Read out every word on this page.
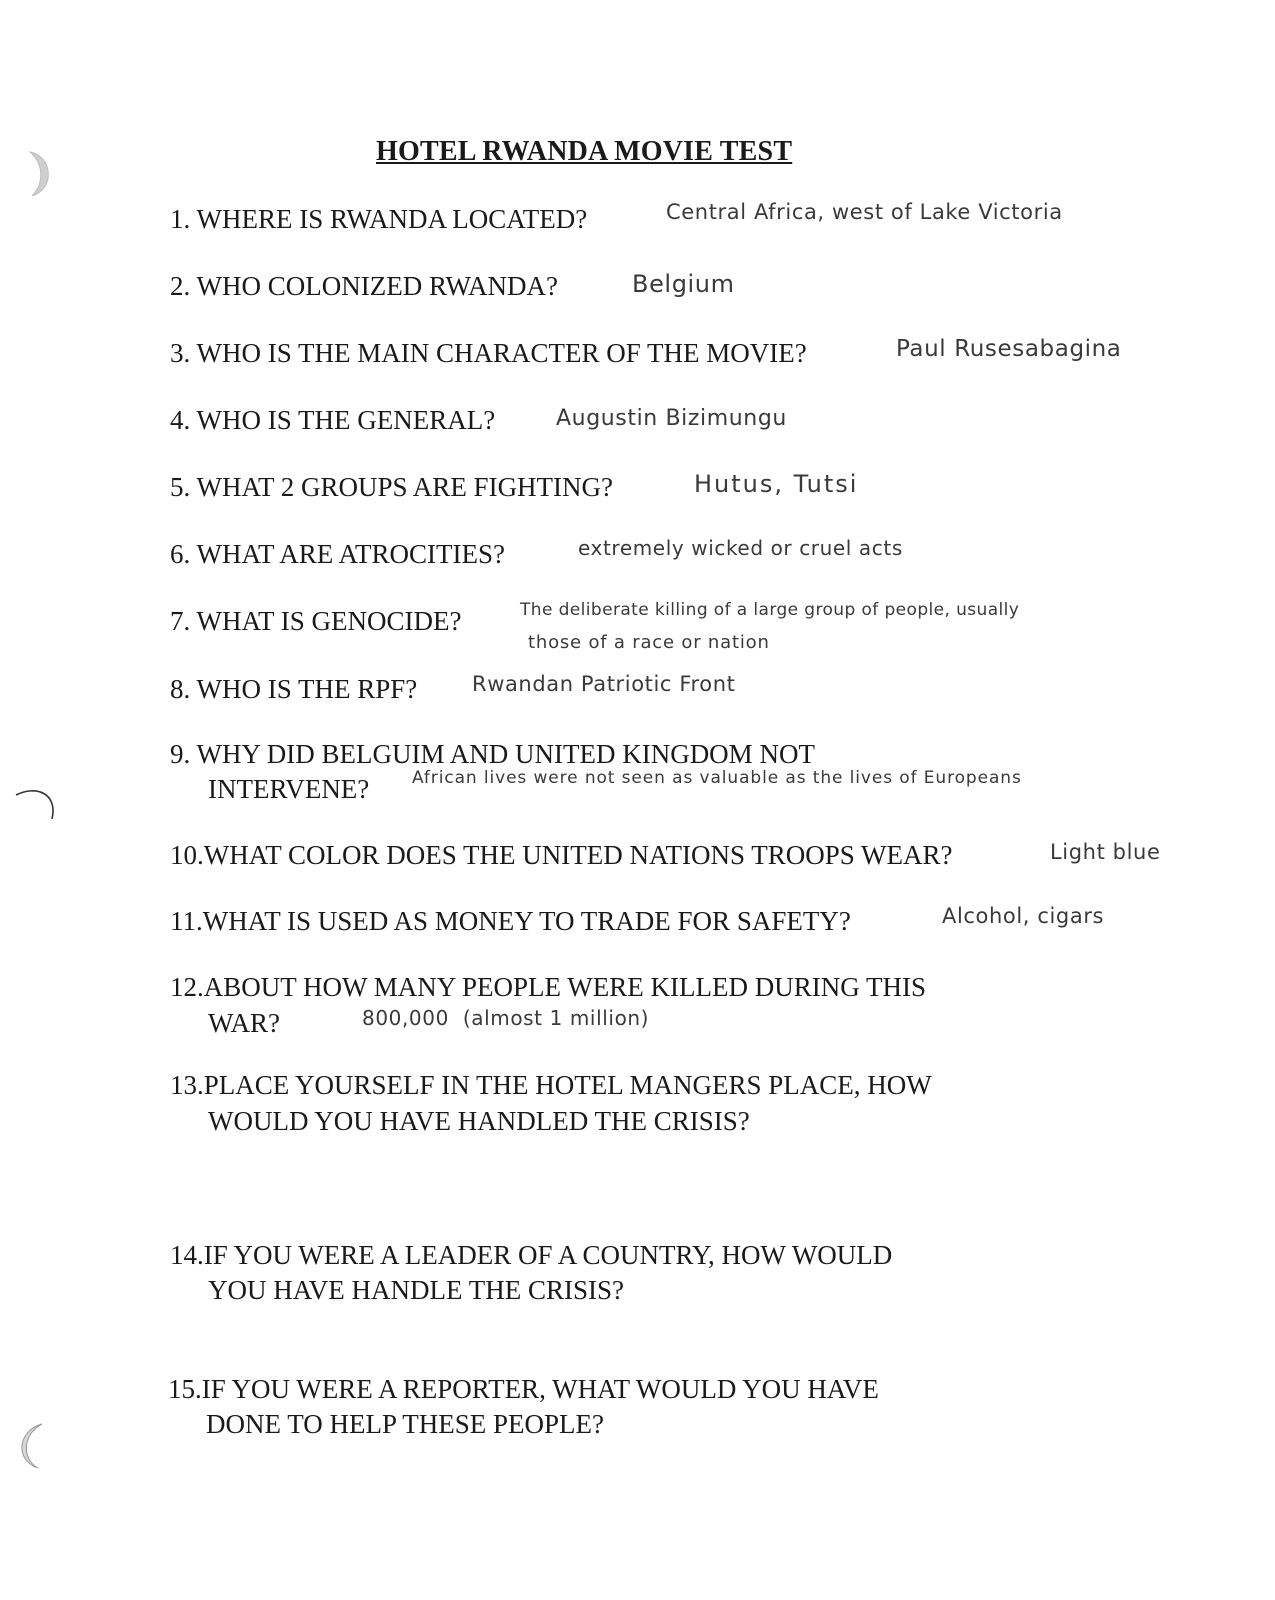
HOTEL RWANDA MOVIE TEST
1. WHERE IS RWANDA LOCATED?	Central Africa, west of Lake Victoria
2. WHO COLONIZED RWANDA?	Belgium
3. WHO IS THE MAIN CHARACTER OF THE MOVIE?	Paul Rusesabagina
4. WHO IS THE GENERAL?	Augustin Bizimungu
5. WHAT 2 GROUPS ARE FIGHTING?	Hutus, Tutsi
6. WHAT ARE ATROCITIES?	extremely wicked or cruel acts
7. WHAT IS GENOCIDE?	The deliberate killing of a large group of people, usually
those of a race or nation
8. WHO IS THE RPF?	Rwandan Patriotic Front
9. WHY DID BELGUIM AND UNITED KINGDOM NOT
INTERVENE?	African lives were not seen as valuable as the lives of Europeans
10.WHAT COLOR DOES THE UNITED NATIONS TROOPS WEAR?	Light blue
11.WHAT IS USED AS MONEY TO TRADE FOR SAFETY?	Alcohol, cigars
12.ABOUT HOW MANY PEOPLE WERE KILLED DURING THIS
WAR?	800,000  (almost 1 million)
13.PLACE YOURSELF IN THE HOTEL MANGERS PLACE, HOW
WOULD YOU HAVE HANDLED THE CRISIS?
14.IF YOU WERE A LEADER OF A COUNTRY, HOW WOULD
YOU HAVE HANDLE THE CRISIS?
15.IF YOU WERE A REPORTER, WHAT WOULD YOU HAVE
DONE TO HELP THESE PEOPLE?
